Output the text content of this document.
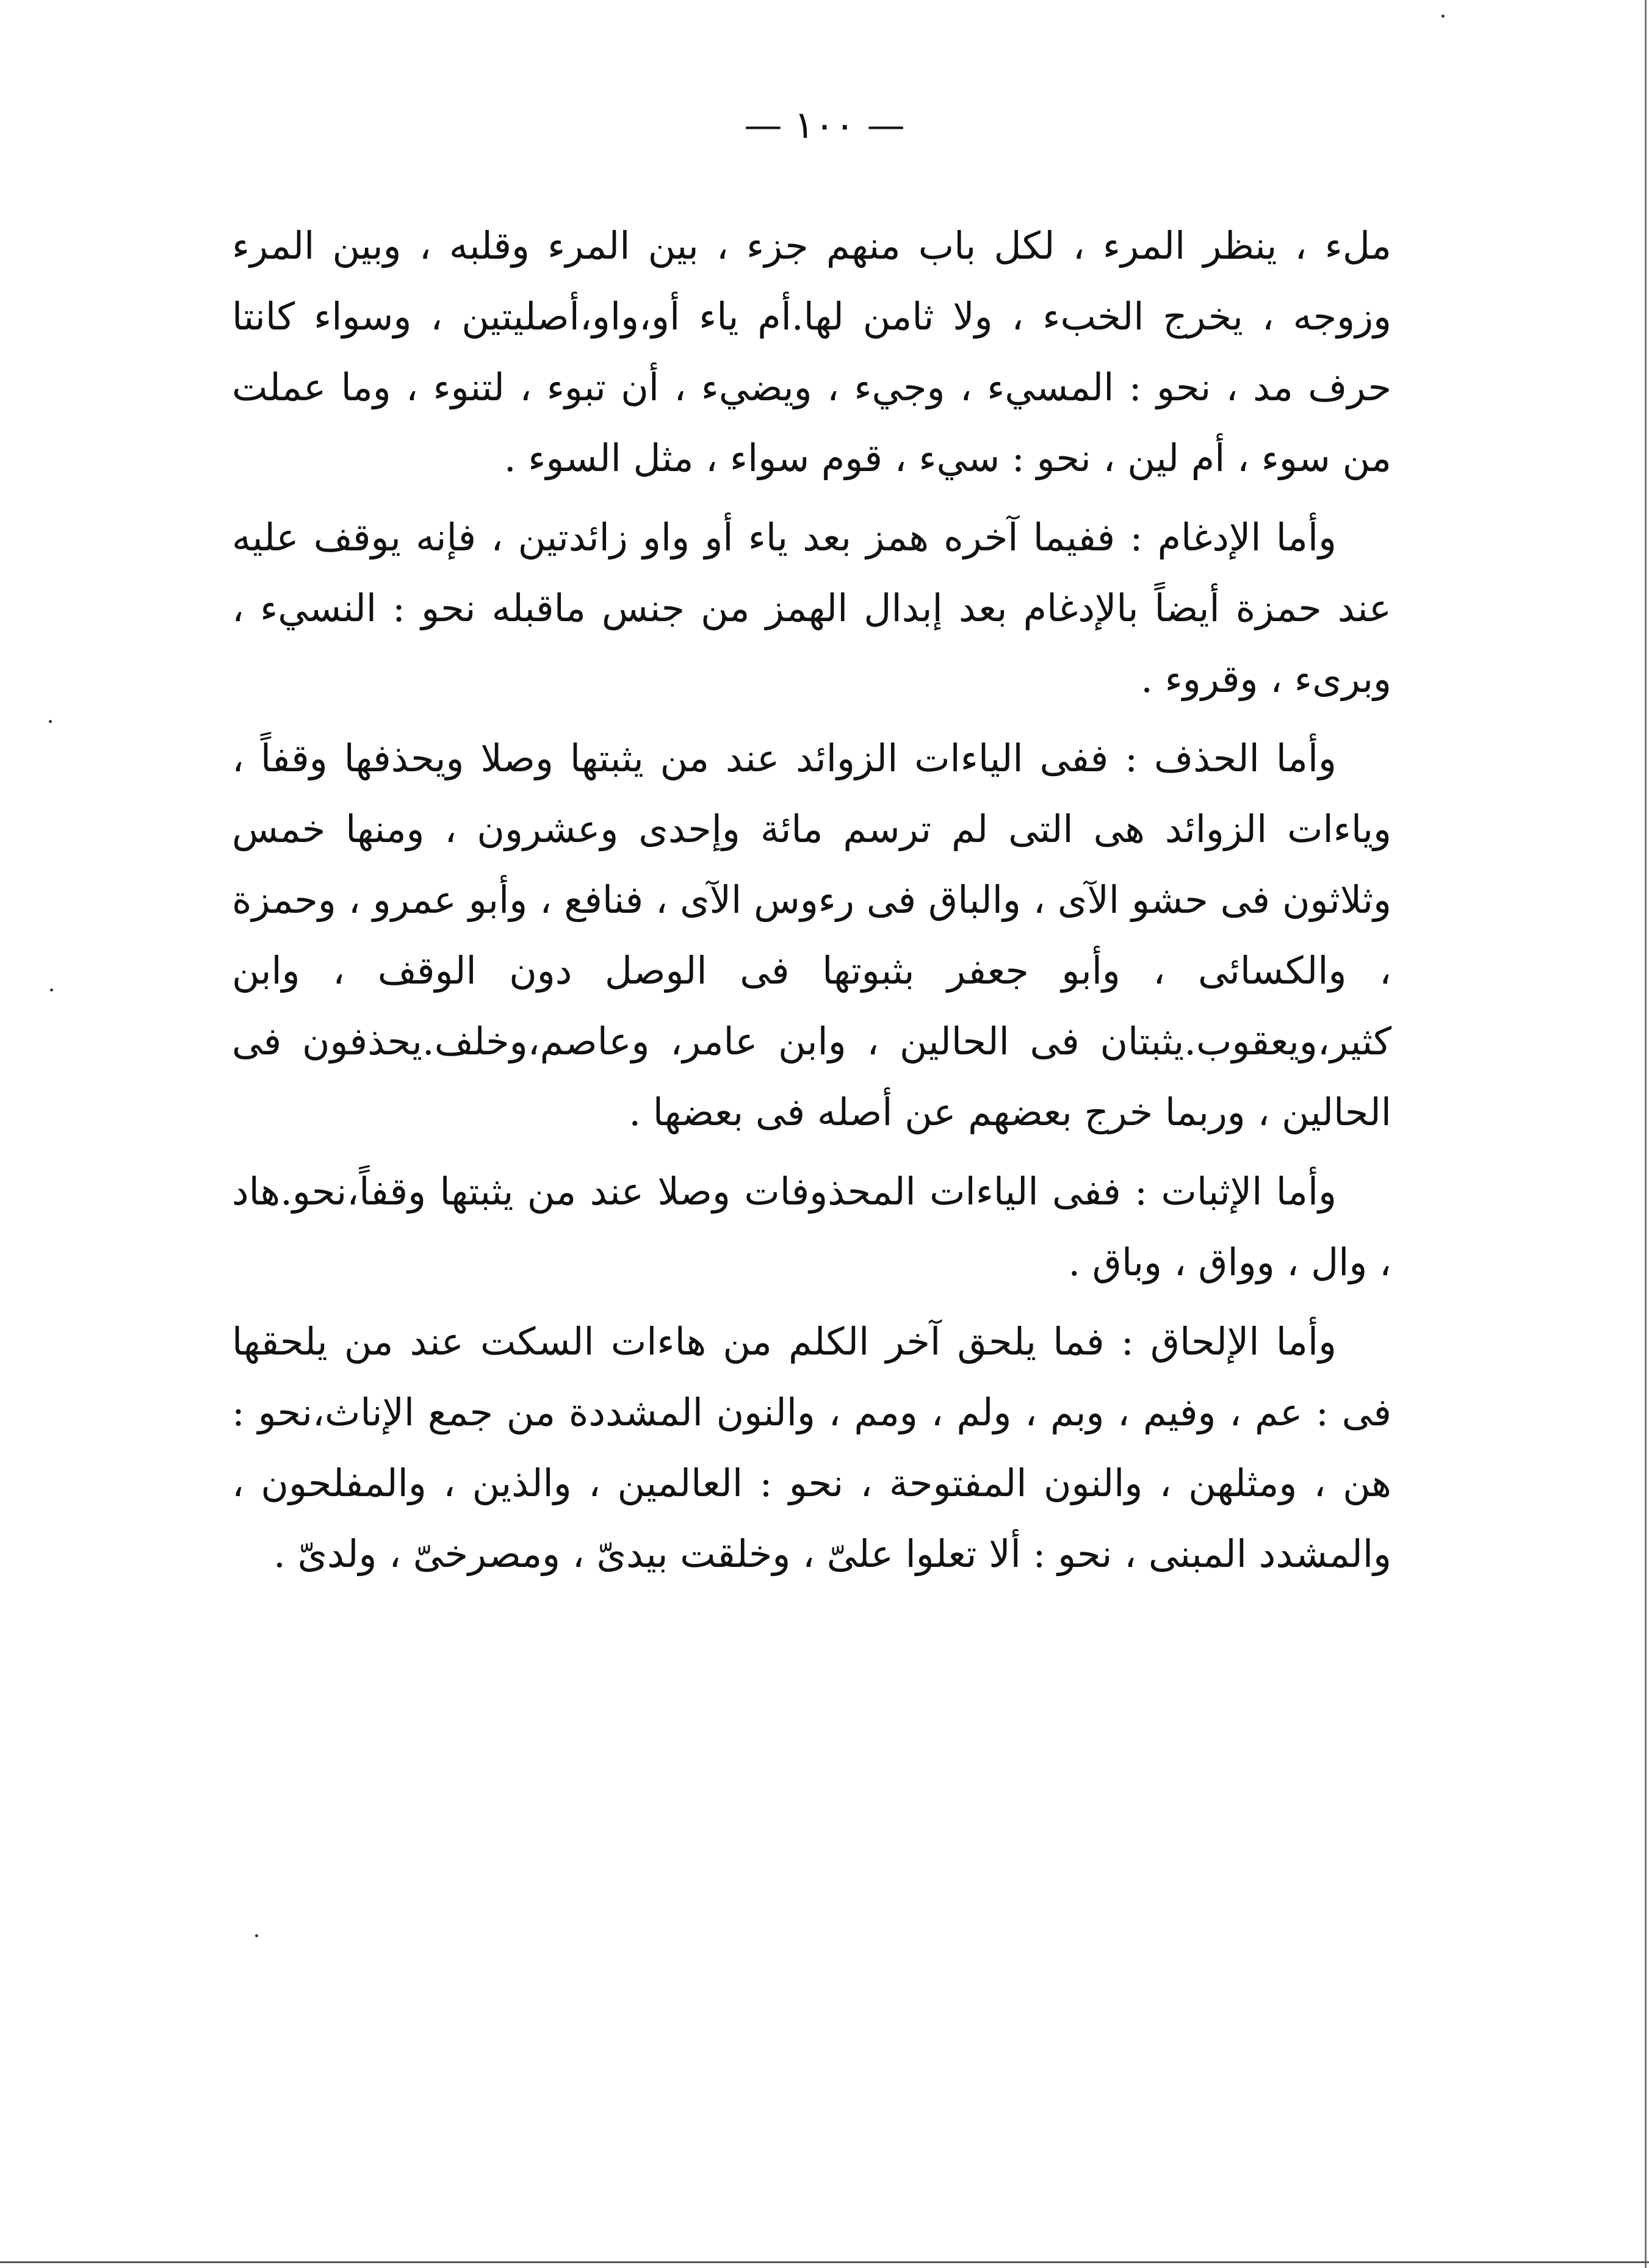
— ١٠٠ —

ملء ، ينظر المرء ، لكل باب منهم جزء ، بين المرء وقلبه ، وبين المرء وزوجه ، يخرج الخبء ، ولا ثامن لها.أم ياء أو،واو،أصليتين ، وسواء كانتا حرف مد ، نحو : المسيء ، وجيء ، ويضيء ، أن تبوء ، لتنوء ، وما عملت من سوء ، أم لين ، نحو : سيء ، قوم سواء ، مثل السوء .

وأما الإدغام : ففيما آخره همز بعد ياء أو واو زائدتين ، فإنه يوقف عليه عند حمزة أيضاً بالإدغام بعد إبدال الهمز من جنس ماقبله نحو : النسيء ، وبرىء ، وقروء .

وأما الحذف : ففى الياءات الزوائد عند من يثبتها وصلا ويحذفها وقفاً ، وياءات الزوائد هى التى لم ترسم مائة وإحدى وعشرون ، ومنها خمس وثلاثون فى حشو الآى ، والباق فى رءوس الآى ، فنافع ، وأبو عمرو ، وحمزة ، والكسائى ، وأبو جعفر بثبوتها فى الوصل دون الوقف ، وابن كثير،ويعقوب.يثبتان فى الحالين ، وابن عامر، وعاصم،وخلف.يحذفون فى الحالين ، وربما خرج بعضهم عن أصله فى بعضها .

وأما الإثبات : ففى الياءات المحذوفات وصلا عند من يثبتها وقفاً،نحو.هاد ، وال ، وواق ، وباق .

وأما الإلحاق : فما يلحق آخر الكلم من هاءات السكت عند من يلحقها فى : عم ، وفيم ، وبم ، ولم ، ومم ، والنون المشددة من جمع الإناث،نحو : هن ، ومثلهن ، والنون المفتوحة ، نحو : العالمين ، والذين ، والمفلحون ، والمشدد المبنى ، نحو : ألا تعلوا علىّ ، وخلقت بيدىّ ، ومصرخىّ ، ولدىّ .
